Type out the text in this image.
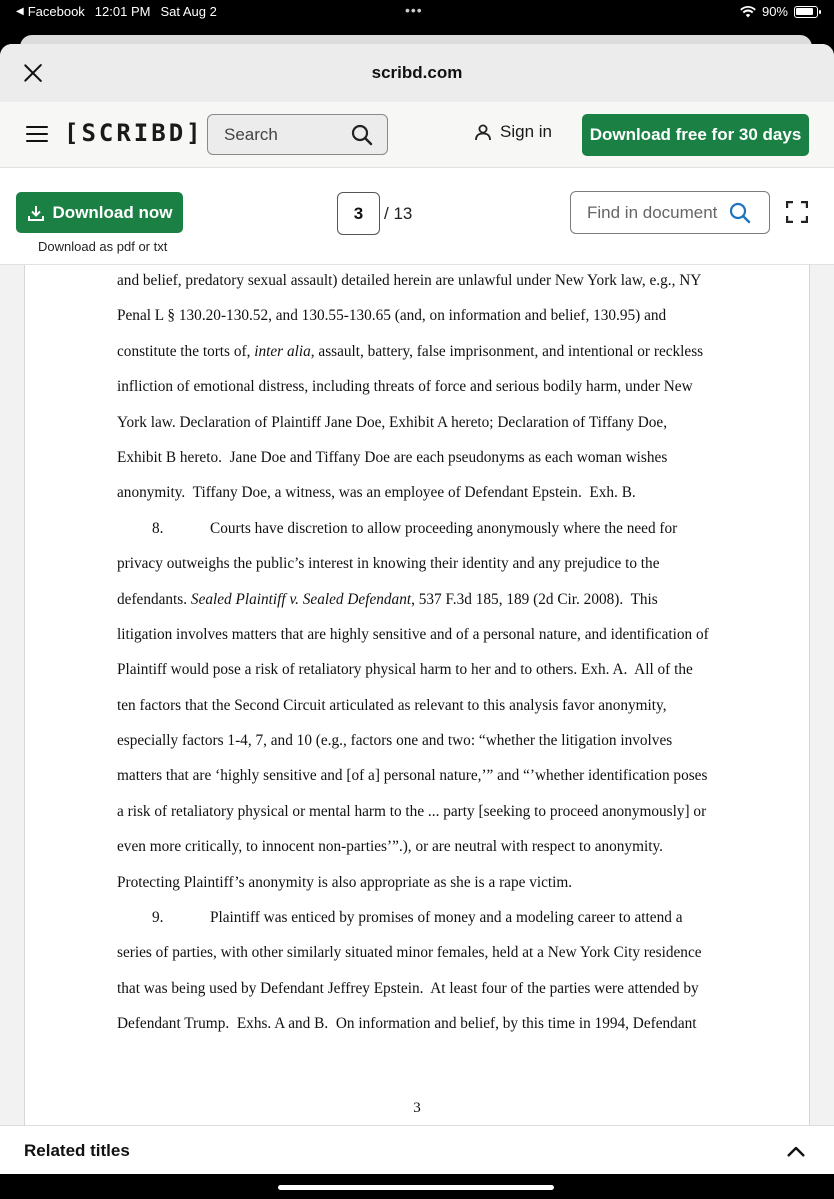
◀ Facebook 12:01 PM Sat Aug 2	•••	90%
scribd.com
[SCRIBD] Search	Sign in	Download free for 30 days
Download now
Download as pdf or txt
3	/ 13	Find in document
and belief, predatory sexual assault) detailed herein are unlawful under New York law, e.g., NY
Penal L § 130.20-130.52, and 130.55-130.65 (and, on information and belief, 130.95) and
constitute the torts of, inter alia, assault, battery, false imprisonment, and intentional or reckless
infliction of emotional distress, including threats of force and serious bodily harm, under New
York law. Declaration of Plaintiff Jane Doe, Exhibit A hereto; Declaration of Tiffany Doe,
Exhibit B hereto.  Jane Doe and Tiffany Doe are each pseudonyms as each woman wishes
anonymity.  Tiffany Doe, a witness, was an employee of Defendant Epstein.  Exh. B.
8.	Courts have discretion to allow proceeding anonymously where the need for
privacy outweighs the public’s interest in knowing their identity and any prejudice to the
defendants. Sealed Plaintiff v. Sealed Defendant, 537 F.3d 185, 189 (2d Cir. 2008).  This
litigation involves matters that are highly sensitive and of a personal nature, and identification of
Plaintiff would pose a risk of retaliatory physical harm to her and to others. Exh. A.  All of the
ten factors that the Second Circuit articulated as relevant to this analysis favor anonymity,
especially factors 1-4, 7, and 10 (e.g., factors one and two: “whether the litigation involves
matters that are ‘highly sensitive and [of a] personal nature,’” and “’whether identification poses
a risk of retaliatory physical or mental harm to the ... party [seeking to proceed anonymously] or
even more critically, to innocent non-parties’”.), or are neutral with respect to anonymity.
Protecting Plaintiff’s anonymity is also appropriate as she is a rape victim.
9.	Plaintiff was enticed by promises of money and a modeling career to attend a
series of parties, with other similarly situated minor females, held at a New York City residence
that was being used by Defendant Jeffrey Epstein.  At least four of the parties were attended by
Defendant Trump.  Exhs. A and B.  On information and belief, by this time in 1994, Defendant
3
Related titles
